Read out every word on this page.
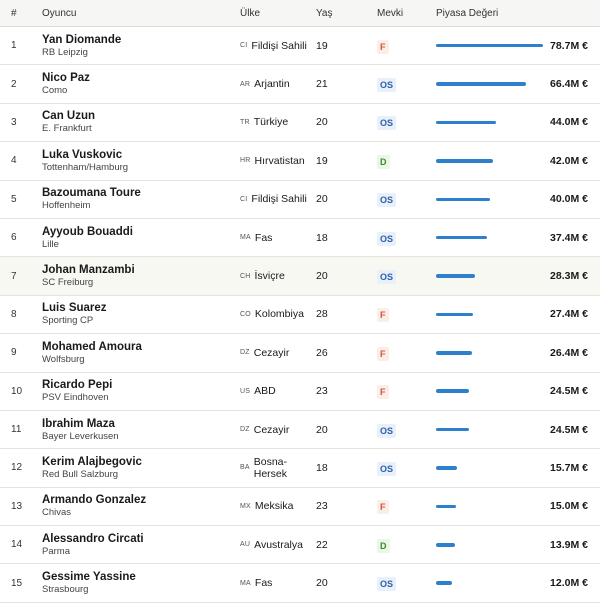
#	Oyuncu	Ülke	Yaş	Mevki	Piyasa Değeri
1	Yan Diomande
RB Leipzig
CI Fildişi Sahili 19	F	78.7M €
2	Nico Paz
Como
AR Arjantin	21	OS	66.4M €
3	Can Uzun
E. Frankfurt
TR Türkiye	20	OS	44.0M €
4	Luka Vuskovic
Tottenham/Hamburg
HR Hırvatistan 19	D	42.0M €
5	Bazoumana Toure
Hoffenheim
CI Fildişi Sahili 20	OS	40.0M €
6	Ayyoub Bouaddi
Lille
MA Fas	18	OS	37.4M €
7	Johan Manzambi
SC Freiburg
CH İsviçre	20	OS	28.3M €
8	Luis Suarez
Sporting CP
CO Kolombiya 28	F	27.4M €
9	Mohamed Amoura
Wolfsburg
DZ Cezayir	26	F	26.4M €
10	Ricardo Pepi
PSV Eindhoven
US ABD	23	F	24.5M €
11	Ibrahim Maza
Bayer Leverkusen
DZ Cezayir	20	OS	24.5M €
12	Kerim Alajbegovic
Red Bull Salzburg
BA Bosna-Hersek	18	OS	15.7M €
13	Armando Gonzalez
Chivas
MX Meksika 23	F	15.0M €
14	Alessandro Circati
Parma
AU Avustralya 22	D	13.9M €
15	Gessime Yassine
Strasbourg
MA Fas	20	OS	12.0M €
